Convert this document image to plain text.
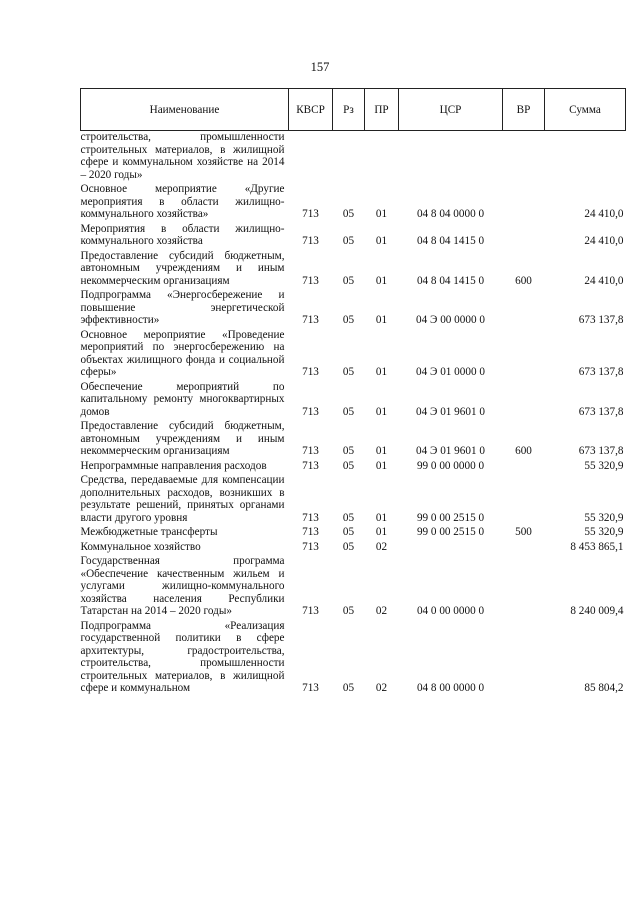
157
Наименование	КВСР	Рз	ПР	ЦСР	ВР	Сумма
строительства, промышленности строительных материалов, в жилищной сфере и коммунальном хозяйстве на 2014 – 2020 годы»						
Основное мероприятие «Другие мероприятия в области жилищно-коммунального хозяйства»	713	05	01	04 8 04 0000 0		24 410,0
Мероприятия в области жилищно-коммунального хозяйства	713	05	01	04 8 04 1415 0		24 410,0
Предоставление субсидий бюджетным, автономным учреждениям и иным некоммерческим организациям	713	05	01	04 8 04 1415 0	600	24 410,0
Подпрограмма «Энергосбережение и повышение энергетической эффективности»	713	05	01	04 Э 00 0000 0		673 137,8
Основное мероприятие «Проведение мероприятий по энергосбережению на объектах жилищного фонда и социальной сферы»	713	05	01	04 Э 01 0000 0		673 137,8
Обеспечение мероприятий по капитальному ремонту многоквартирных домов	713	05	01	04 Э 01 9601 0		673 137,8
Предоставление субсидий бюджетным, автономным учреждениям и иным некоммерческим организациям	713	05	01	04 Э 01 9601 0	600	673 137,8
Непрограммные направления расходов	713	05	01	99 0 00 0000 0		55 320,9
Средства, передаваемые для компенсации дополнительных расходов, возникших в результате решений, принятых органами власти другого уровня	713	05	01	99 0 00 2515 0		55 320,9
Межбюджетные трансферты	713	05	01	99 0 00 2515 0	500	55 320,9
Коммунальное хозяйство	713	05	02			8 453 865,1
Государственная программа «Обеспечение качественным жильем и услугами жилищно-коммунального хозяйства населения Республики Татарстан на 2014 – 2020 годы»	713	05	02	04 0 00 0000 0		8 240 009,4
Подпрограмма «Реализация государственной политики в сфере архитектуры, градостроительства, строительства, промышленности строительных материалов, в жилищной сфере и коммунальном	713	05	02	04 8 00 0000 0		85 804,2
